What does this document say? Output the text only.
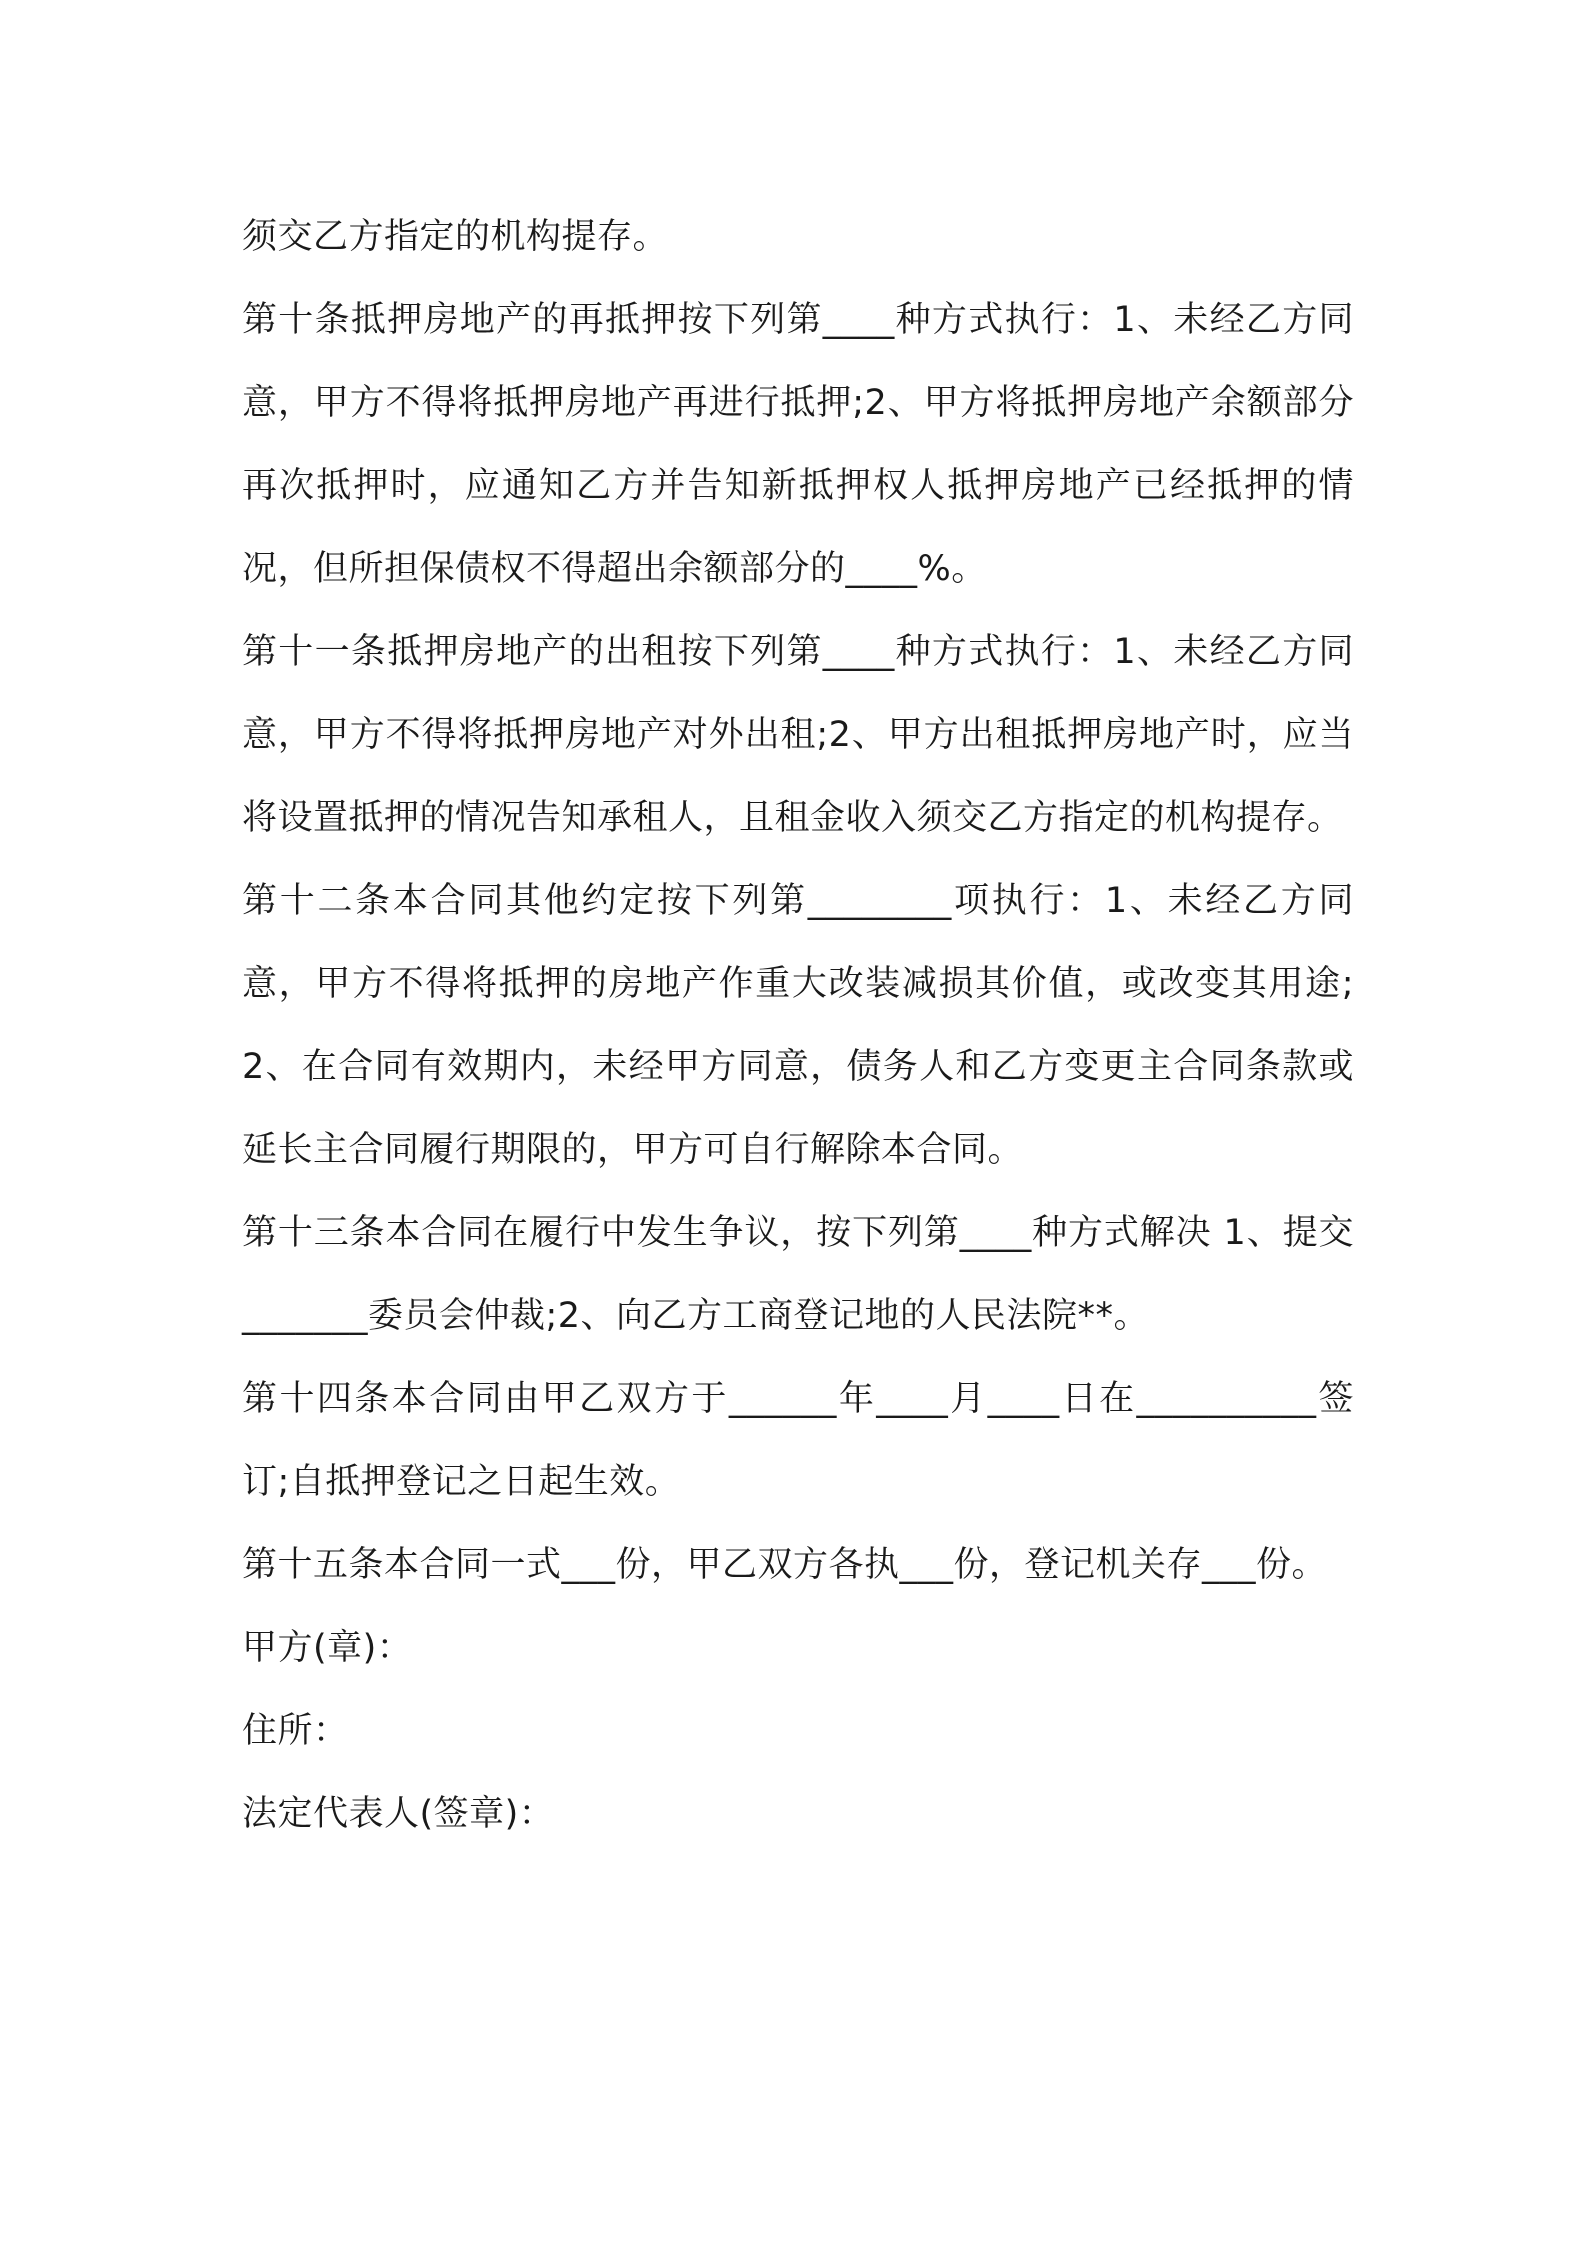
须交乙方指定的机构提存。

第十条抵押房地产的再抵押按下列第____种方式执行：1、未经乙方同意，甲方不得将抵押房地产再进行抵押;2、甲方将抵押房地产余额部分再次抵押时，应通知乙方并告知新抵押权人抵押房地产已经抵押的情况，但所担保债权不得超出余额部分的____%。

第十一条抵押房地产的出租按下列第____种方式执行：1、未经乙方同意，甲方不得将抵押房地产对外出租;2、甲方出租抵押房地产时，应当将设置抵押的情况告知承租人，且租金收入须交乙方指定的机构提存。

第十二条本合同其他约定按下列第________项执行：1、未经乙方同意，甲方不得将抵押的房地产作重大改装减损其价值，或改变其用途;2、在合同有效期内，未经甲方同意，债务人和乙方变更主合同条款或延长主合同履行期限的，甲方可自行解除本合同。

第十三条本合同在履行中发生争议，按下列第____种方式解决 1、提交_______委员会仲裁;2、向乙方工商登记地的人民法院**。

第十四条本合同由甲乙双方于______年____月____日在__________签订;自抵押登记之日起生效。

第十五条本合同一式___份，甲乙双方各执___份，登记机关存___份。

甲方(章)：

住所：

法定代表人(签章)：
